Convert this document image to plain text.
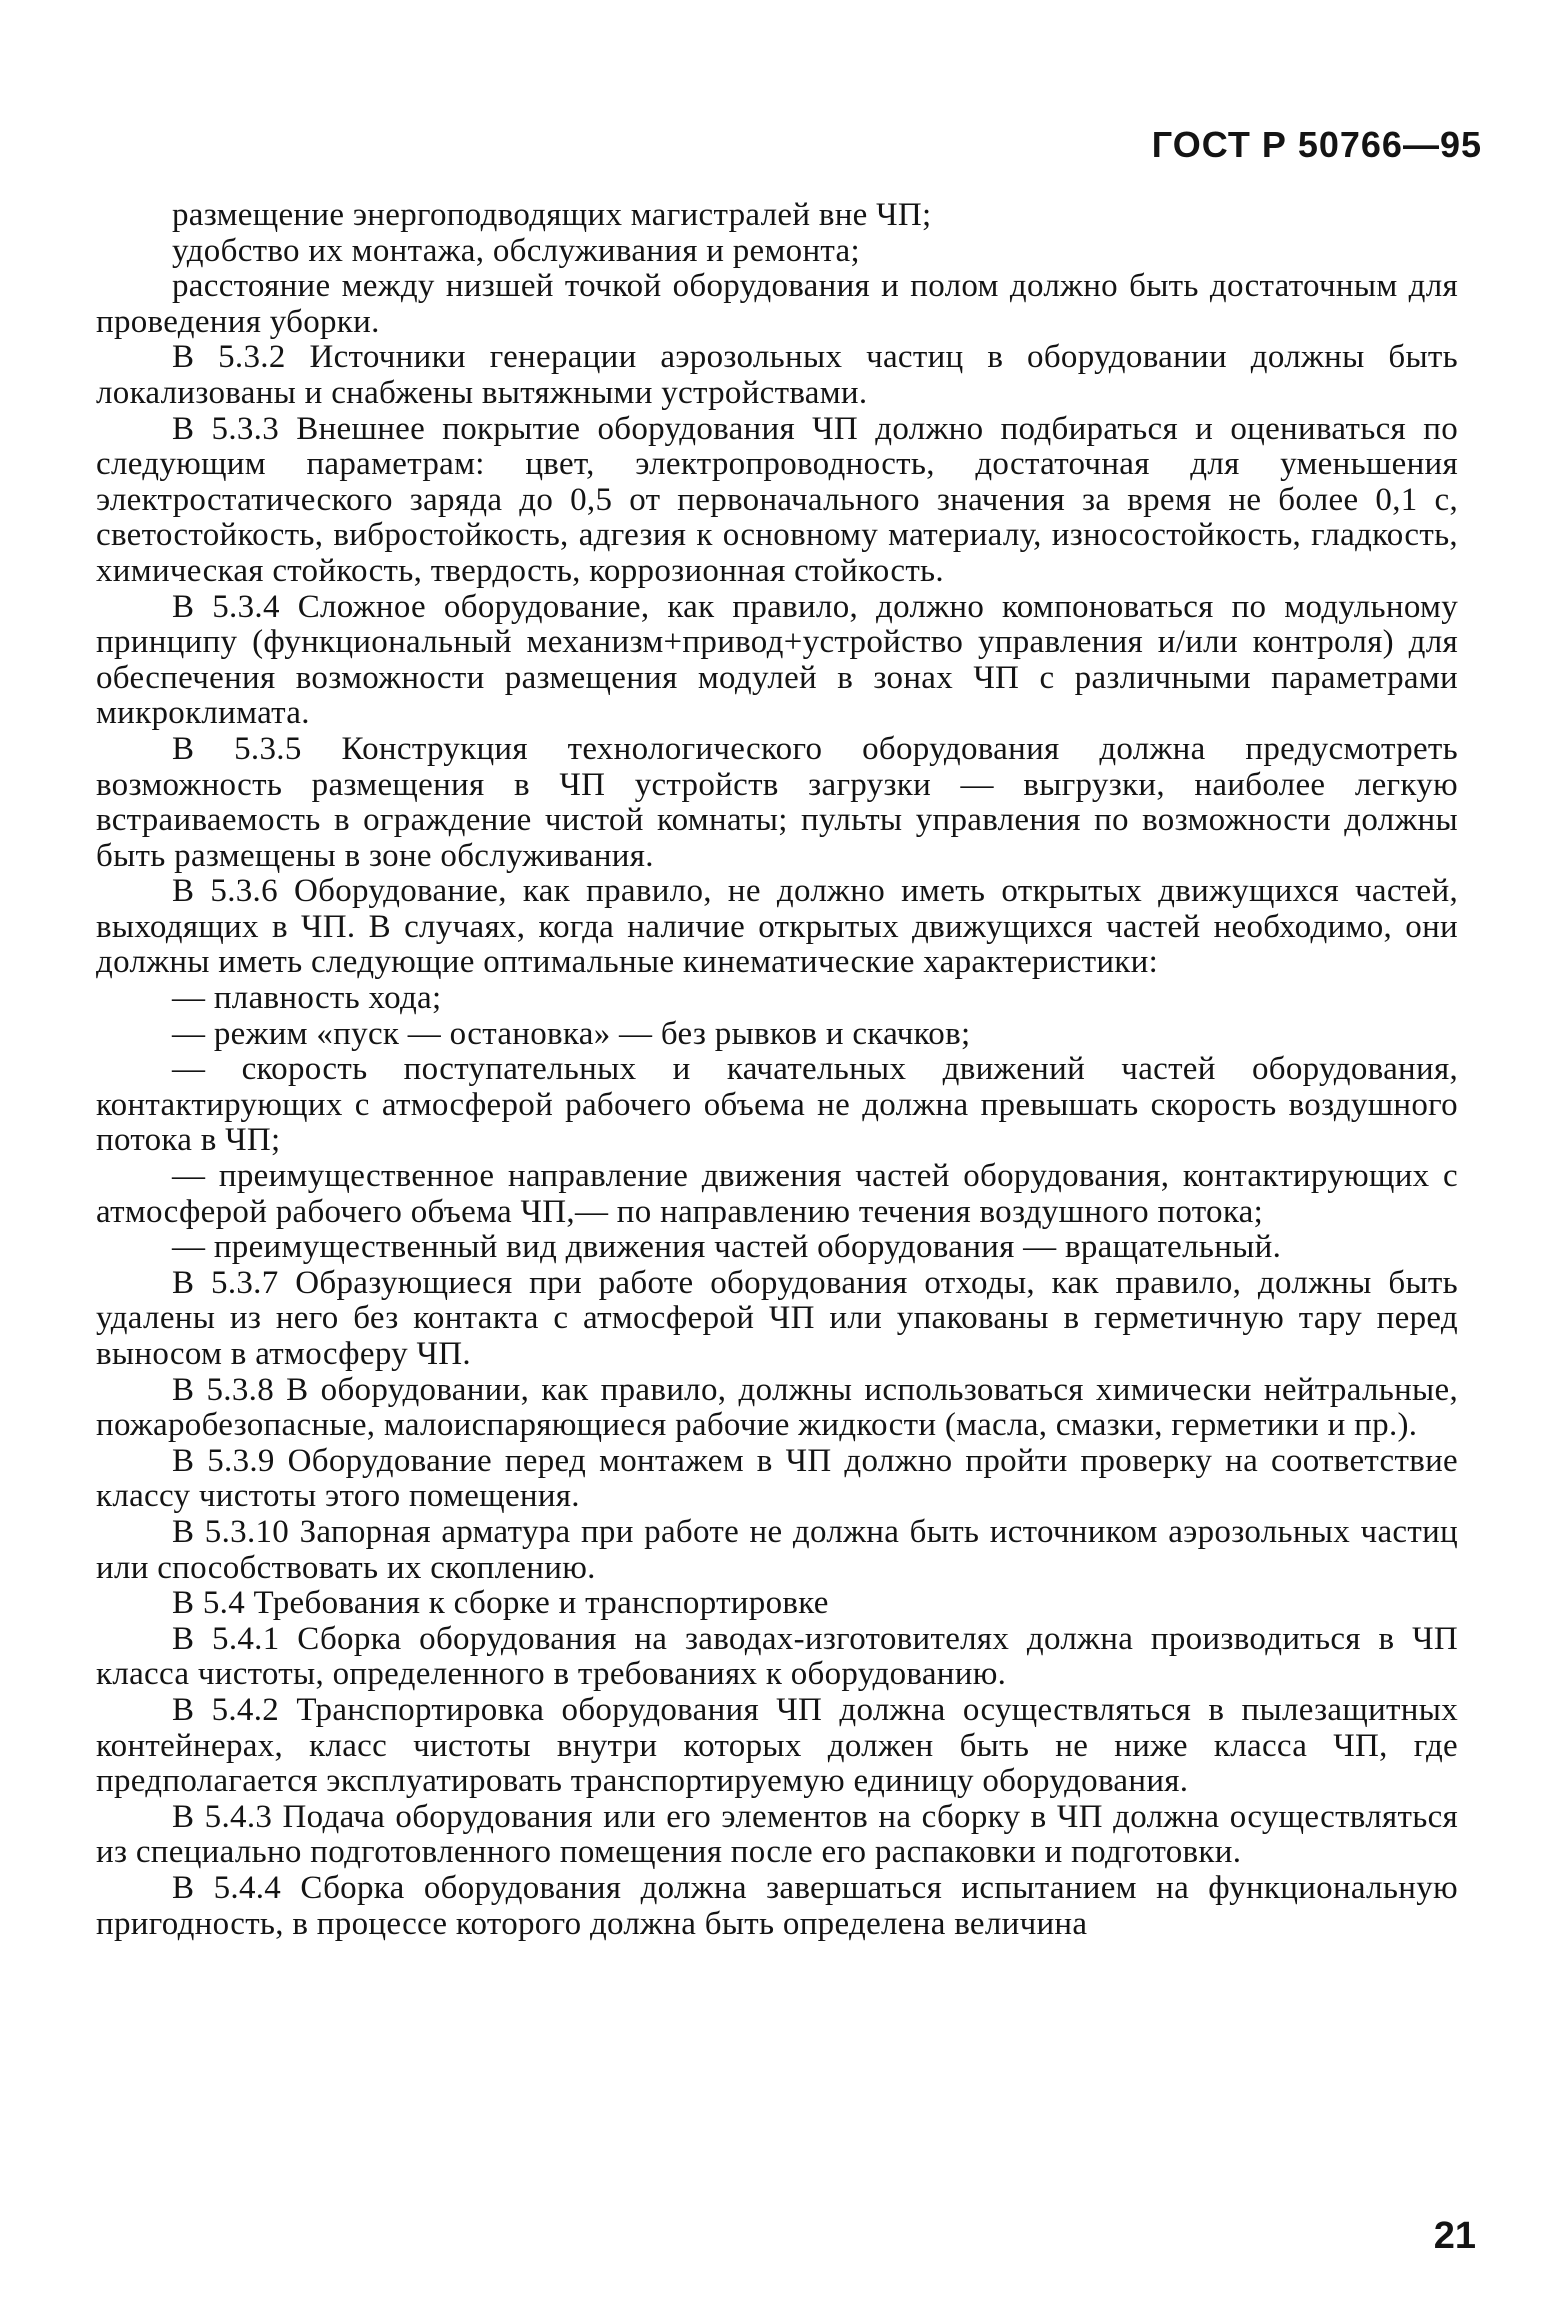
ГОСТ Р 50766—95

размещение энергоподводящих магистралей вне ЧП;

удобство их монтажа, обслуживания и ремонта;

расстояние между низшей точкой оборудования и полом должно быть достаточным для проведения уборки.

В 5.3.2 Источники генерации аэрозольных частиц в оборудовании должны быть локализованы и снабжены вытяжными устройствами.

В 5.3.3 Внешнее покрытие оборудования ЧП должно подбираться и оцениваться по следующим параметрам: цвет, электропроводность, достаточная для уменьшения электростатического заряда до 0,5 от первоначального значения за время не более 0,1 с, светостойкость, вибростойкость, адгезия к основному материалу, износостойкость, гладкость, химическая стойкость, твердость, коррозионная стойкость.

В 5.3.4 Сложное оборудование, как правило, должно компоноваться по модульному принципу (функциональный механизм+привод+устройство управления и/или контроля) для обеспечения возможности размещения модулей в зонах ЧП с различными параметрами микроклимата.

В 5.3.5 Конструкция технологического оборудования должна предусмотреть возможность размещения в ЧП устройств загрузки — выгрузки, наиболее легкую встраиваемость в ограждение чистой комнаты; пульты управления по возможности должны быть размещены в зоне обслуживания.

В 5.3.6 Оборудование, как правило, не должно иметь открытых движущихся частей, выходящих в ЧП. В случаях, когда наличие открытых движущихся частей необходимо, они должны иметь следующие оптимальные кинематические характеристики:

— плавность хода;

— режим «пуск — остановка» — без рывков и скачков;

— скорость поступательных и качательных движений частей оборудования, контактирующих с атмосферой рабочего объема не должна превышать скорость воздушного потока в ЧП;

— преимущественное направление движения частей оборудования, контактирующих с атмосферой рабочего объема ЧП,— по направлению течения воздушного потока;

— преимущественный вид движения частей оборудования — вращательный.

В 5.3.7 Образующиеся при работе оборудования отходы, как правило, должны быть удалены из него без контакта с атмосферой ЧП или упакованы в герметичную тару перед выносом в атмосферу ЧП.

В 5.3.8 В оборудовании, как правило, должны использоваться химически нейтральные, пожаробезопасные, малоиспаряющиеся рабочие жидкости (масла, смазки, герметики и пр.).

В 5.3.9 Оборудование перед монтажем в ЧП должно пройти проверку на соответствие классу чистоты этого помещения.

В 5.3.10 Запорная арматура при работе не должна быть источником аэрозольных частиц или способствовать их скоплению.

В 5.4 Требования к сборке и транспортировке

В 5.4.1 Сборка оборудования на заводах-изготовителях должна производиться в ЧП класса чистоты, определенного в требованиях к оборудованию.

В 5.4.2 Транспортировка оборудования ЧП должна осуществляться в пылезащитных контейнерах, класс чистоты внутри которых должен быть не ниже класса ЧП, где предполагается эксплуатировать транспортируемую единицу оборудования.

В 5.4.3 Подача оборудования или его элементов на сборку в ЧП должна осуществляться из специально подготовленного помещения после его распаковки и подготовки.

В 5.4.4 Сборка оборудования должна завершаться испытанием на функциональную пригодность, в процессе которого должна быть определена величина

21
